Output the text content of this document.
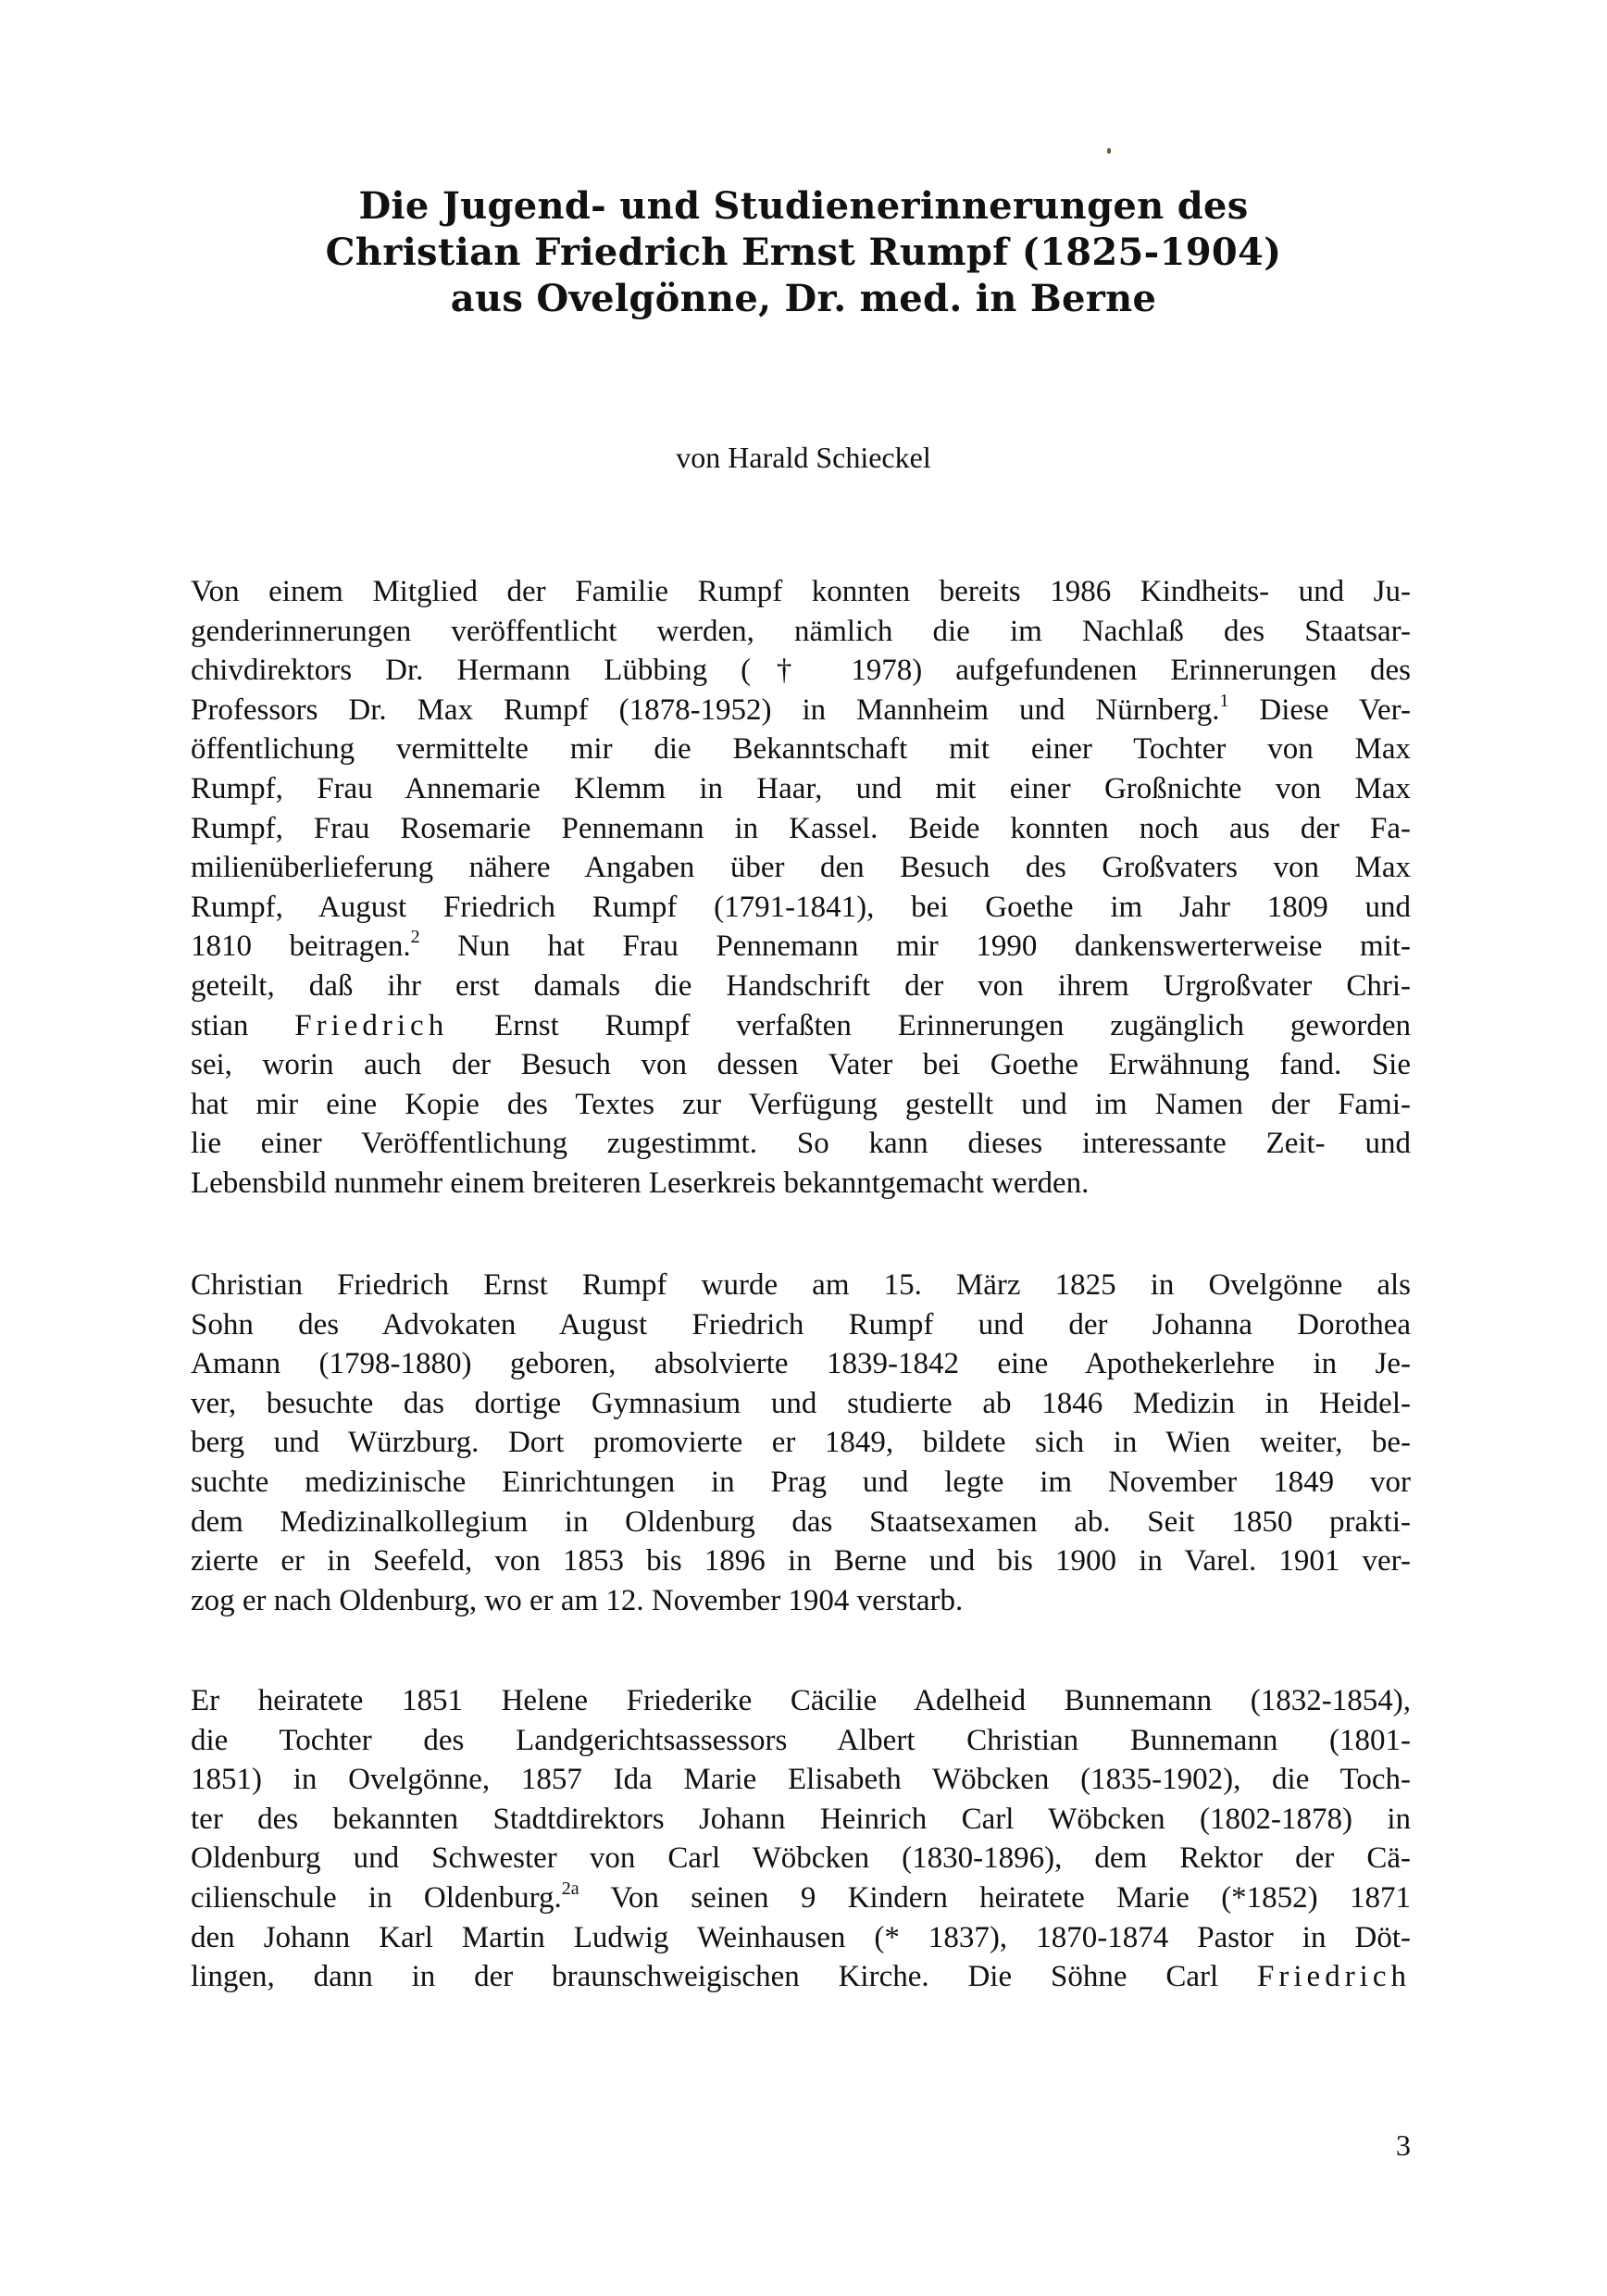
Die Jugend- und Studienerinnerungen des
Christian Friedrich Ernst Rumpf (1825-1904)
aus Ovelgönne, Dr. med. in Berne
von Harald Schieckel
Von einem Mitglied der Familie Rumpf konnten bereits 1986 Kindheits- und Ju-
genderinnerungen veröffentlicht werden, nämlich die im Nachlaß des Staatsar-
chivdirektors Dr. Hermann Lübbing († 1978) aufgefundenen Erinnerungen des
Professors Dr. Max Rumpf (1878-1952) in Mannheim und Nürnberg.$^1$ Diese Ver-
öffentlichung vermittelte mir die Bekanntschaft mit einer Tochter von Max
Rumpf, Frau Annemarie Klemm in Haar, und mit einer Großnichte von Max
Rumpf, Frau Rosemarie Pennemann in Kassel. Beide konnten noch aus der Fa-
milienüberlieferung nähere Angaben über den Besuch des Großvaters von Max
Rumpf, August Friedrich Rumpf (1791-1841), bei Goethe im Jahr 1809 und
1810 beitragen.$^2$ Nun hat Frau Pennemann mir 1990 dankenswerterweise mit-
geteilt, daß ihr erst damals die Handschrift der von ihrem Urgroßvater Chri-
stian Friedrich Ernst Rumpf verfaßten Erinnerungen zugänglich geworden
sei, worin auch der Besuch von dessen Vater bei Goethe Erwähnung fand. Sie
hat mir eine Kopie des Textes zur Verfügung gestellt und im Namen der Fami-
lie einer Veröffentlichung zugestimmt. So kann dieses interessante Zeit- und
Lebensbild nunmehr einem breiteren Leserkreis bekanntgemacht werden.
Christian Friedrich Ernst Rumpf wurde am 15. März 1825 in Ovelgönne als
Sohn des Advokaten August Friedrich Rumpf und der Johanna Dorothea
Amann (1798-1880) geboren, absolvierte 1839-1842 eine Apothekerlehre in Je-
ver, besuchte das dortige Gymnasium und studierte ab 1846 Medizin in Heidel-
berg und Würzburg. Dort promovierte er 1849, bildete sich in Wien weiter, be-
suchte medizinische Einrichtungen in Prag und legte im November 1849 vor
dem Medizinalkollegium in Oldenburg das Staatsexamen ab. Seit 1850 prakti-
zierte er in Seefeld, von 1853 bis 1896 in Berne und bis 1900 in Varel. 1901 ver-
zog er nach Oldenburg, wo er am 12. November 1904 verstarb.
Er heiratete 1851 Helene Friederike Cäcilie Adelheid Bunnemann (1832-1854),
die Tochter des Landgerichtsassessors Albert Christian Bunnemann (1801-
1851) in Ovelgönne, 1857 Ida Marie Elisabeth Wöbcken (1835-1902), die Toch-
ter des bekannten Stadtdirektors Johann Heinrich Carl Wöbcken (1802-1878) in
Oldenburg und Schwester von Carl Wöbcken (1830-1896), dem Rektor der Cä-
cilienschule in Oldenburg.$^{2a}$ Von seinen 9 Kindern heiratete Marie (*1852) 1871
den Johann Karl Martin Ludwig Weinhausen (* 1837), 1870-1874 Pastor in Döt-
lingen, dann in der braunschweigischen Kirche. Die Söhne Carl Friedrich
3
